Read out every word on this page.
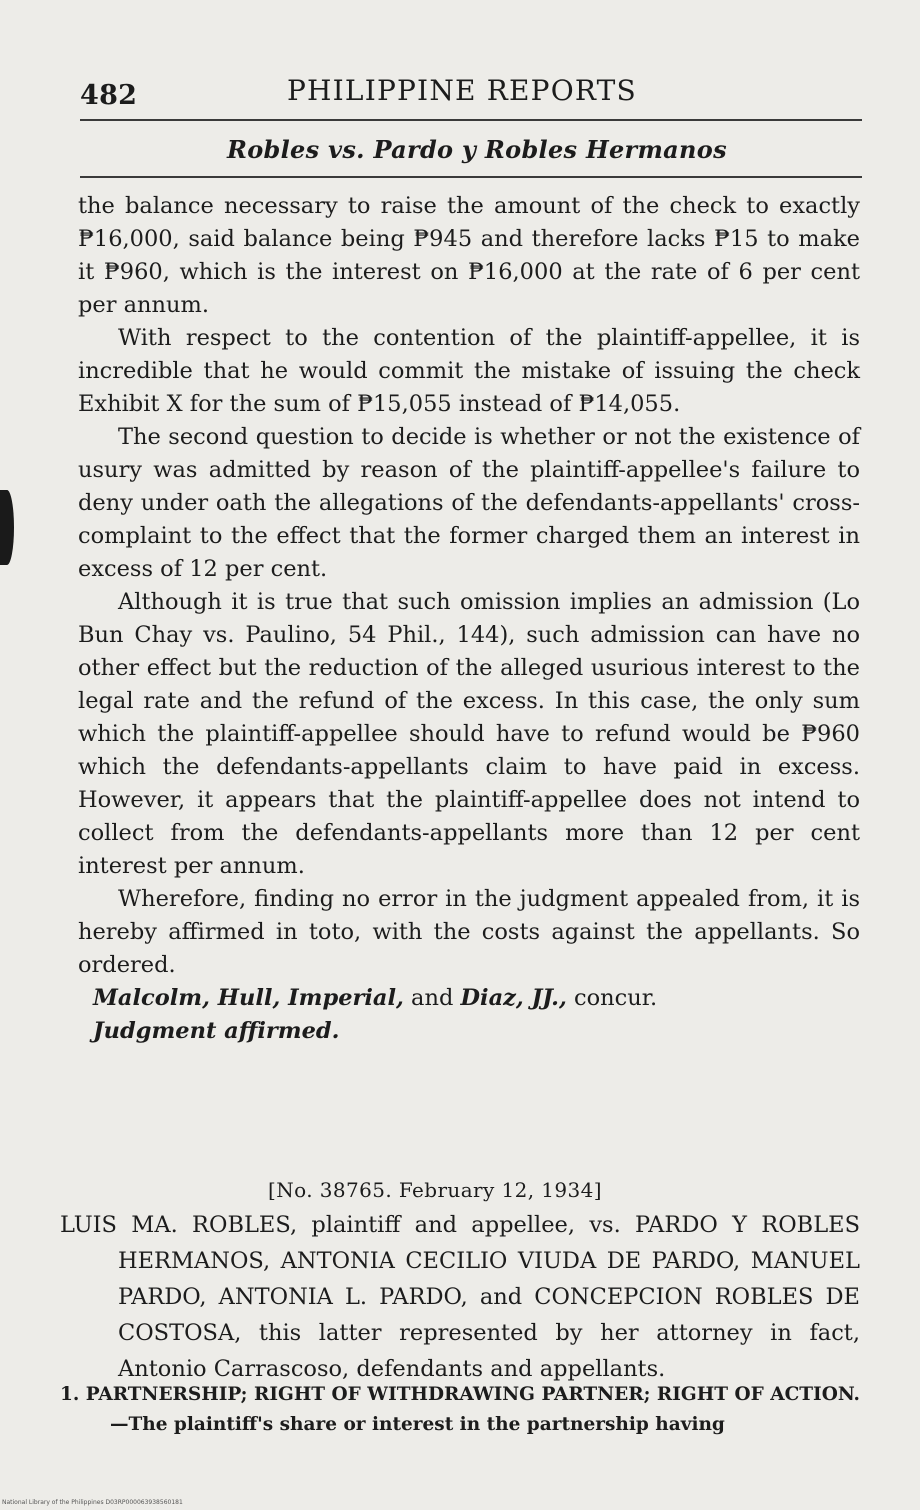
482	PHILIPPINE REPORTS
Robles vs. Pardo y Robles Hermanos

the balance necessary to raise the amount of the check to exactly ₱16,000, said balance being ₱945 and therefore lacks ₱15 to make it ₱960, which is the interest on ₱16,000 at the rate of 6 per cent per annum.

With respect to the contention of the plaintiff-appellee, it is incredible that he would commit the mistake of issuing the check Exhibit X for the sum of ₱15,055 instead of ₱14,055.

The second question to decide is whether or not the existence of usury was admitted by reason of the plaintiff-appellee's failure to deny under oath the allegations of the defendants-appellants' cross-complaint to the effect that the former charged them an interest in excess of 12 per cent.

Although it is true that such omission implies an admission (Lo Bun Chay vs. Paulino, 54 Phil., 144), such admission can have no other effect but the reduction of the alleged usurious interest to the legal rate and the refund of the excess. In this case, the only sum which the plaintiff-appellee should have to refund would be ₱960 which the defendants-appellants claim to have paid in excess. However, it appears that the plaintiff-appellee does not intend to collect from the defendants-appellants more than 12 per cent interest per annum.

Wherefore, finding no error in the judgment appealed from, it is hereby affirmed in toto, with the costs against the appellants. So ordered.

Malcolm, Hull, Imperial, and Diaz, JJ., concur.

Judgment affirmed.

[No. 38765. February 12, 1934]

LUIS MA. ROBLES, plaintiff and appellee, vs. PARDO Y ROBLES HERMANOS, ANTONIA CECILIO VIUDA DE PARDO, MANUEL PARDO, ANTONIA L. PARDO, and CONCEPCION ROBLES DE COSTOSA, this latter represented by her attorney in fact, Antonio Carrascoso, defendants and appellants.

1. PARTNERSHIP; RIGHT OF WITHDRAWING PARTNER; RIGHT OF ACTION.—The plaintiff's share or interest in the partnership having

National Library of the Philippines D03RP000063938560181
